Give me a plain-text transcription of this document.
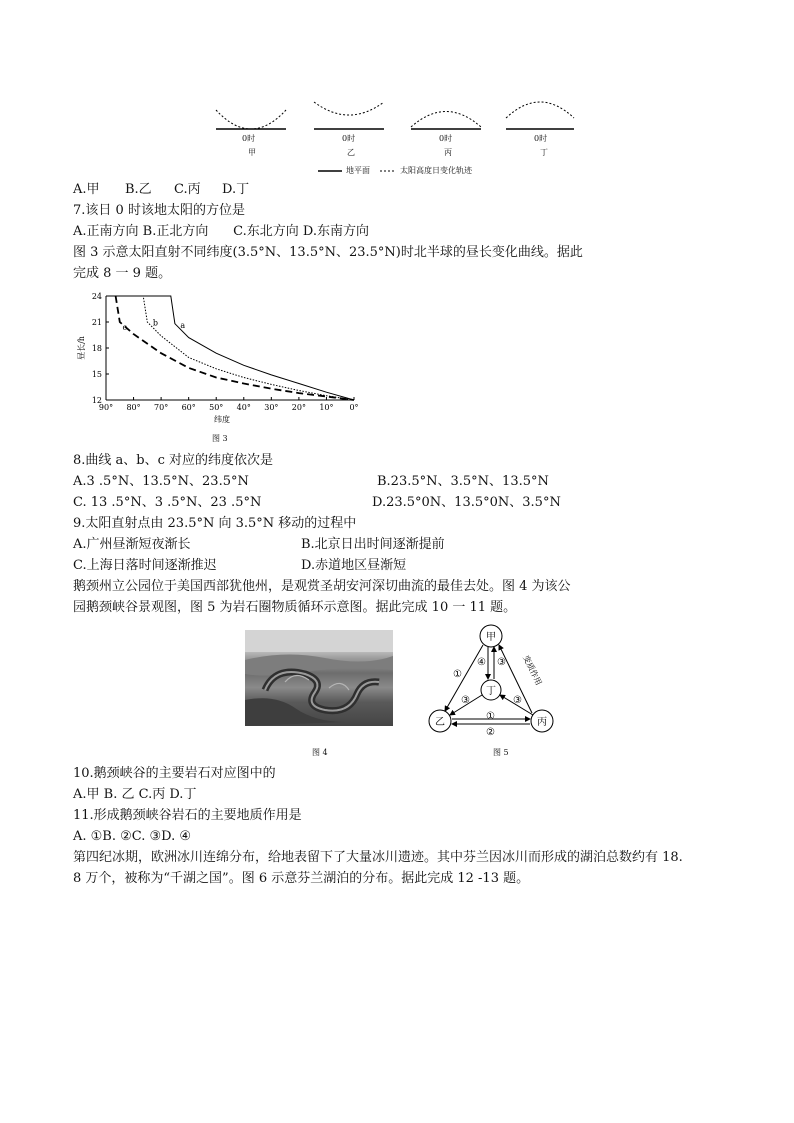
0时
甲
0时
乙
0时
丙
0时
丁
地平面	太阳高度日变化轨迹
A.甲 B.乙 C.丙 D.丁
7.该日 0 时该地太阳的方位是
A.正南方向 B.正北方向      C.东北方向 D.东南方向
图 3 示意太阳直射不同纬度(3.5°N、13.5°N、23.5°N)时北半球的昼长变化曲线。据此
完成 8 一 9 题。
90° 80° 70° 60° 50° 40° 30° 20° 10° 0°
24
21
18
15
12
纬度
昼长/h
a
b
c
图 3
8.曲线 a、b、c 对应的纬度依次是
A.3 .5°N、13.5°N、23.5°N	B.23.5°N、3.5°N、13.5°N
C. 13 .5°N、3 .5°N、23 .5°N	D.23.5°0N、13.5°0N、3.5°N
9.太阳直射点由 23.5°N 向 3.5°N 移动的过程中
A.广州昼渐短夜渐长	B.北京日出时间逐渐提前
C.上海日落时间逐渐推迟	D.赤道地区昼渐短
鹅颈州立公园位于美国西部犹他州，是观赏圣胡安河深切曲流的最佳去处。图 4 为该公
园鹅颈峡谷景观图，图 5 为岩石圈物质循环示意图。据此完成 10 一 11 题。
图 4
甲
乙	丙
丁
①
④ ③
③	③
①
②
变质作用
图 5
10.鹅颈峡谷的主要岩石对应图中的
A.甲 B. 乙 C.丙 D.丁
11.形成鹅颈峡谷岩石的主要地质作用是
A. ①B. ②C. ③D. ④
第四纪冰期，欧洲冰川连绵分布，给地表留下了大量冰川遗迹。其中芬兰因冰川而形成的湖泊总数约有 18.
8 万个，被称为“千湖之国”。图 6 示意芬兰湖泊的分布。据此完成 12 -13 题。
